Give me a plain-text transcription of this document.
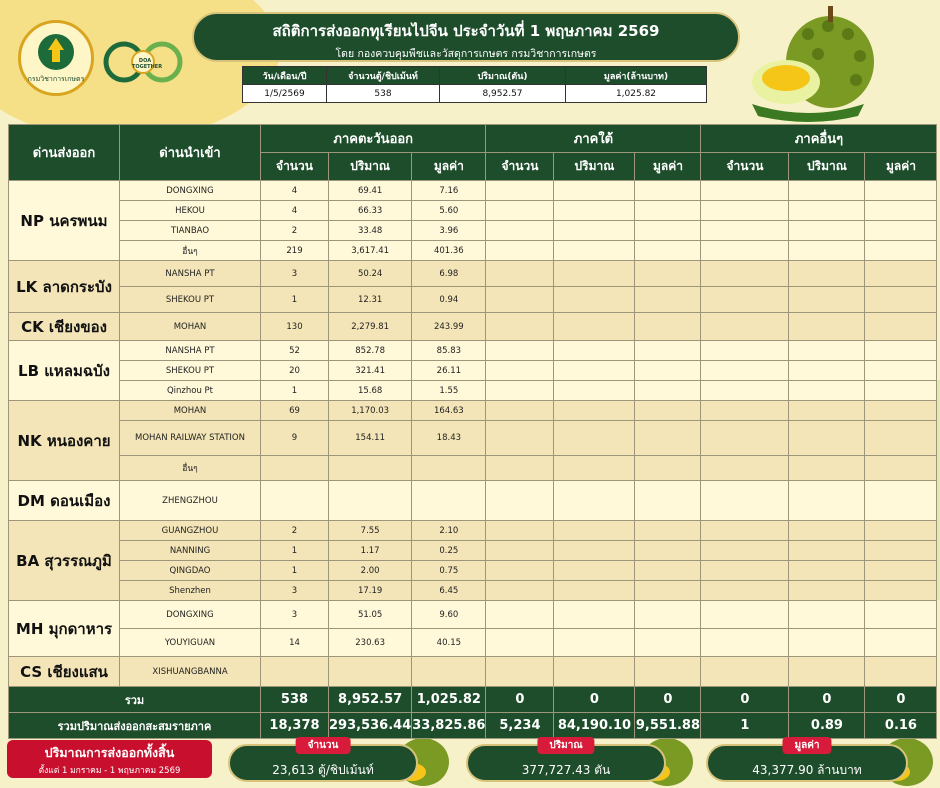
กรมวิชาการเกษตร
DOA TOGETHER
สถิติการส่งออกทุเรียนไปจีน ประจำวันที่ 1 พฤษภาคม 2569
โดย กองควบคุมพืชและวัสดุการเกษตร กรมวิชาการเกษตร
วัน/เดือน/ปี	จำนวนตู้/ชิปเม้นท์	ปริมาณ(ตัน)	มูลค่า(ล้านบาท)
1/5/2569	538	8,952.57	1,025.82
ด่านส่งออก	ด่านนำเข้า	ภาคตะวันออก			ภาคใต้			ภาคอื่นๆ		
		จำนวน	ปริมาณ	มูลค่า	จำนวน	ปริมาณ	มูลค่า	จำนวน	ปริมาณ	มูลค่า
NP นครพนม	DONGXING	4	69.41	7.16						
	HEKOU	4	66.33	5.60						
	TIANBAO	2	33.48	3.96						
	อื่นๆ	219	3,617.41	401.36						
LK ลาดกระบัง	NANSHA PT	3	50.24	6.98						
	SHEKOU PT	1	12.31	0.94						
CK เชียงของ	MOHAN	130	2,279.81	243.99						
LB แหลมฉบัง	NANSHA PT	52	852.78	85.83						
	SHEKOU PT	20	321.41	26.11						
	Qinzhou Pt	1	15.68	1.55						
NK หนองคาย	MOHAN	69	1,170.03	164.63						
	MOHAN RAILWAY STATION	9	154.11	18.43						
	อื่นๆ									
DM ดอนเมือง	ZHENGZHOU									
BA สุวรรณภูมิ	GUANGZHOU	2	7.55	2.10						
	NANNING	1	1.17	0.25						
	QINGDAO	1	2.00	0.75						
	Shenzhen	3	17.19	6.45						
MH มุกดาหาร	DONGXING	3	51.05	9.60						
	YOUYIGUAN	14	230.63	40.15						
CS เชียงแสน	XISHUANGBANNA									
รวม		538	8,952.57	1,025.82	0	0	0	0	0	0
รวมปริมาณส่งออกสะสมรายภาค		18,378	293,536.44	33,825.86	5,234	84,190.10	9,551.88	1	0.89	0.16
ปริมาณการส่งออกทั้งสิ้น
ตั้งแต่ 1 มกราคม - 1 พฤษภาคม 2569
จำนวน
23,613 ตู้/ชิปเม้นท์
ปริมาณ
377,727.43 ตัน
มูลค่า
43,377.90 ล้านบาท
